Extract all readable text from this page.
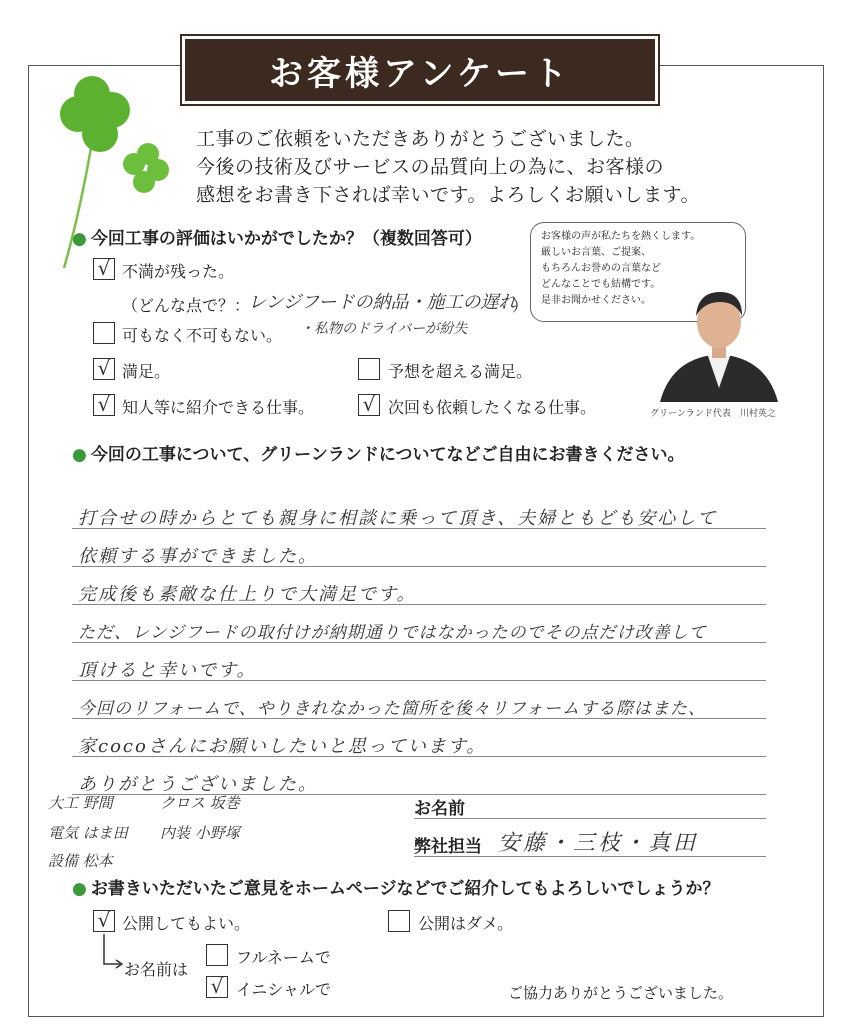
お客様アンケート
工事のご依頼をいただきありがとうございました。
今後の技術及びサービスの品質向上の為に、お客様の
感想をお書き下されば幸いです。よろしくお願いします。
お客様の声が私たちを熱くします。
厳しいお言葉、ご提案、
もちろんお誉めの言葉など
どんなことでも結構です。
是非お聞かせください。
グリーンランド代表　川村英之
● 今回工事の評価はいかがでしたか？（複数回答可）
√ 不満が残った。
（どんな点で？：
レンジフードの納品・施工の遅れ
）
・私物のドライバーが紛失
可もなく不可もない。
√ 満足。	予想を超える満足。
√ 知人等に紹介できる仕事。 √ 次回も依頼したくなる仕事。
● 今回の工事について、グリーンランドについてなどご自由にお書きください。
打合せの時からとても親身に相談に乗って頂き、夫婦ともども安心して
依頼する事ができました。
完成後も素敵な仕上りで大満足です。
ただ、レンジフードの取付けが納期通りではなかったのでその点だけ改善して
頂けると幸いです。
今回のリフォームで、やりきれなかった箇所を後々リフォームする際はまた、
家cocoさんにお願いしたいと思っています。
ありがとうございました。
大工 野間	クロス 坂巻
電気 はま田 内装 小野塚
設備 松本
お名前
弊社担当 安藤・三枝・真田
● お書きいただいたご意見をホームページなどでご紹介してもよろしいでしょうか？
√ 公開してもよい。	公開はダメ。
お名前は
フルネームで
√ イニシャルで	ご協力ありがとうございました。
